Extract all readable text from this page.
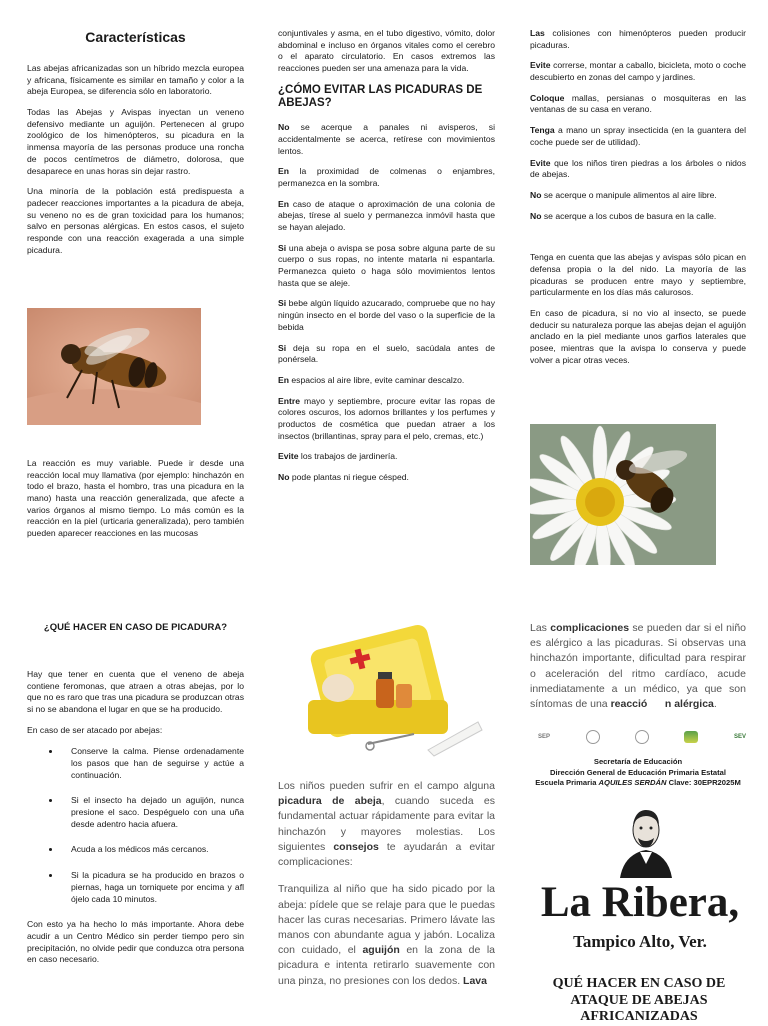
Características

Las abejas africanizadas son un híbrido mezcla europea y africana, físicamente es similar en tamaño y color a la abeja Europea, se diferencia sólo en laboratorio.

Todas las Abejas y Avispas inyectan un veneno defensivo mediante un aguijón. Pertenecen al grupo zoológico de los himenópteros, su picadura en la inmensa mayoría de las personas produce una roncha de pocos centímetros de diámetro, dolorosa, que desaparece en unas horas sin dejar rastro.

Una minoría de la población está predispuesta a padecer reacciones importantes a la picadura de abeja, su veneno no es de gran toxicidad para los humanos; salvo en personas alérgicas. En estos casos, el sujeto responde con una reacción exagerada a una simple picadura.

La reacción es muy variable. Puede ir desde una reacción local muy llamativa (por ejemplo: hinchazón en todo el brazo, hasta el hombro, tras una picadura en la mano) hasta una reacción generalizada, que afecte a varios órganos al mismo tiempo. Lo más común es la reacción en la piel (urticaria generalizada), pero también pueden aparecer reacciones en las mucosas

conjuntivales y asma, en el tubo digestivo, vómito, dolor abdominal e incluso en órganos vitales como el cerebro o el aparato circulatorio. En casos extremos las reacciones pueden ser una amenaza para la vida.

¿CÓMO EVITAR LAS PICADURAS DE ABEJAS?

No se acerque a panales ni avisperos, si accidentalmente se acerca, retírese con movimientos lentos.

En la proximidad de colmenas o enjambres, permanezca en la sombra.

En caso de ataque o aproximación de una colonia de abejas, tírese al suelo y permanezca inmóvil hasta que se hayan alejado.

Si una abeja o avispa se posa sobre alguna parte de su cuerpo o sus ropas, no intente matarla ni espantarla. Permanezca quieto o haga sólo movimientos lentos hasta que se aleje.

Si bebe algún líquido azucarado, compruebe que no hay ningún insecto en el borde del vaso o la superficie de la bebida

Si deja su ropa en el suelo, sacúdala antes de ponérsela.

En espacios al aire libre, evite caminar descalzo.

Entre mayo y septiembre, procure evitar las ropas de colores oscuros, los adornos brillantes y los perfumes y productos de cosmética que puedan atraer a los insectos (brillantinas, spray para el pelo, cremas, etc.)

Evite los trabajos de jardinería.

No pode plantas ni riegue césped.

Las colisiones con himenópteros pueden producir picaduras.

Evite correrse, montar a caballo, bicicleta, moto o coche descubierto en zonas del campo y jardines.

Coloque mallas, persianas o mosquiteras en las ventanas de su casa en verano.

Tenga a mano un spray insecticida (en la guantera del coche puede ser de utilidad).

Evite que los niños tiren piedras a los árboles o nidos de abejas.

No se acerque o manipule alimentos al aire libre.

No se acerque a los cubos de basura en la calle.

Tenga en cuenta que las abejas y avispas sólo pican en defensa propia o la del nido. La mayoría de las picaduras se producen entre mayo y septiembre, particularmente en los días más calurosos.

En caso de picadura, si no vio al insecto, se puede deducir su naturaleza porque las abejas dejan el aguijón anclado en la piel mediante unos garfios laterales que posee, mientras que la avispa lo conserva y puede volver a picar otras veces.

¿QUÉ HACER EN CASO DE PICADURA?

Hay que tener en cuenta que el veneno de abeja contiene feromonas, que atraen a otras abejas, por lo que no es raro que tras una picadura se produzcan otras si no se abandona el lugar en que se ha producido.

En caso de ser atacado por abejas:

• Conserve la calma. Piense ordenadamente los pasos que han de seguirse y actúe a continuación.
• Si el insecto ha dejado un aguijón, nunca presione el saco. Despéguelo con una uña desde adentro hacia afuera.
• Acuda a los médicos más cercanos.
• Si la picadura se ha producido en brazos o piernas, haga un torniquete por encima y afl ójelo cada 10 minutos.

Con esto ya ha hecho lo más importante. Ahora debe acudir a un Centro Médico sin perder tiempo pero sin precipitación, no olvide pedir que conduzca otra persona en caso necesario.

Los niños pueden sufrir en el campo alguna picadura de abeja, cuando suceda es fundamental actuar rápidamente para evitar la hinchazón y mayores molestias. Los siguientes consejos te ayudarán a evitar complicaciones:

Tranquiliza al niño que ha sido picado por la abeja: pídele que se relaje para que le puedas hacer las curas necesarias. Primero lávate las manos con abundante agua y jabón. Localiza con cuidado, el aguijón en la zona de la picadura e intenta retirarlo suavemente con una pinza, no presiones con los dedos. Lava

Las complicaciones se pueden dar si el niño es alérgico a las picaduras. Si observas una hinchazón importante, dificultad para respirar o aceleración del ritmo cardíaco, acude inmediatamente a un médico, ya que son síntomas de una reacció n alérgica.
SEP	SEV
Secretaría de Educación
Dirección General de Educación Primaria Estatal
Escuela Primaria AQUILES SERDÁN Clave: 30EPR2025M
La Ribera,
Tampico Alto, Ver.
QUÉ HACER EN CASO DE ATAQUE DE ABEJAS AFRICANIZADAS
